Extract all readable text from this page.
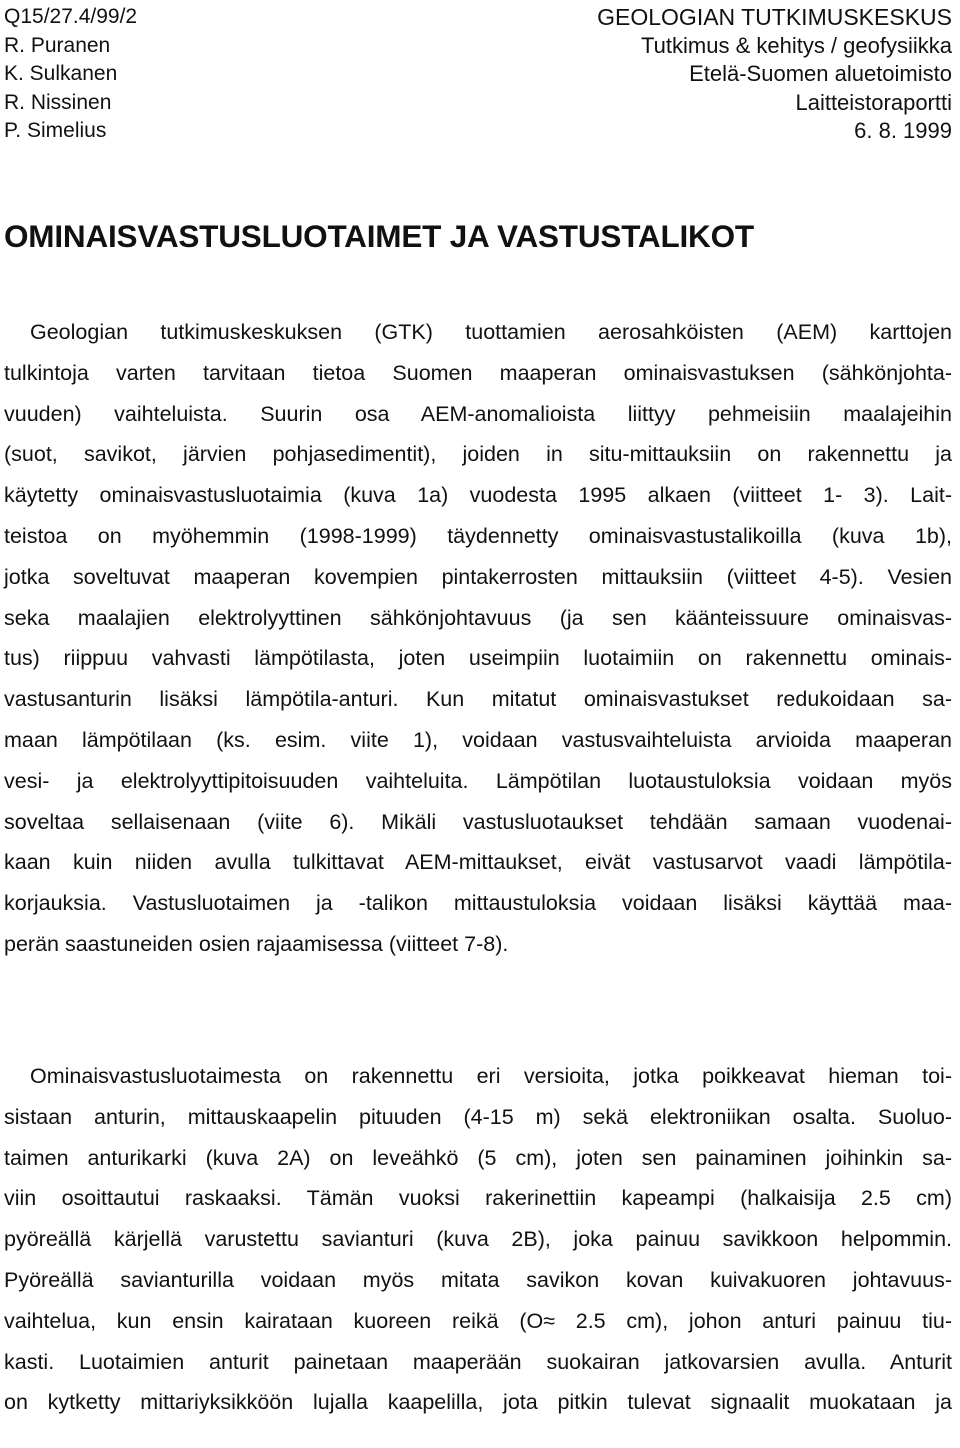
Q15/27.4/99/2
R. Puranen
K. Sulkanen
R. Nissinen
P. Simelius
GEOLOGIAN TUTKIMUSKESKUS
Tutkimus & kehitys / geofysiikka
Etelä-Suomen aluetoimisto
Laitteistoraportti
6. 8. 1999
OMINAISVASTUSLUOTAIMET JA VASTUSTALIKOT
Geologian tutkimuskeskuksen (GTK) tuottamien aerosahköisten (AEM) karttojen
tulkintoja varten tarvitaan tietoa Suomen maaperan ominaisvastuksen (sähkönjohta-
vuuden) vaihteluista. Suurin osa AEM-anomalioista liittyy pehmeisiin maalajeihin
(suot, savikot, järvien pohjasedimentit), joiden in situ-mittauksiin on rakennettu ja
käytetty ominaisvastusluotaimia (kuva 1a) vuodesta 1995 alkaen (viitteet 1- 3). Lait-
teistoa on myöhemmin (1998-1999) täydennetty ominaisvastustalikoilla (kuva 1b),
jotka soveltuvat maaperan kovempien pintakerrosten mittauksiin (viitteet 4-5). Vesien
seka maalajien elektrolyyttinen sähkönjohtavuus (ja sen käänteissuure ominaisvas-
tus) riippuu vahvasti lämpötilasta, joten useimpiin luotaimiin on rakennettu ominais-
vastusanturin lisäksi lämpötila-anturi. Kun mitatut ominaisvastukset redukoidaan sa-
maan lämpötilaan (ks. esim. viite 1), voidaan vastusvaihteluista arvioida maaperan
vesi- ja elektrolyyttipitoisuuden vaihteluita. Lämpötilan luotaustuloksia voidaan myös
soveltaa sellaisenaan (viite 6). Mikäli vastusluotaukset tehdään samaan vuodenai-
kaan kuin niiden avulla tulkittavat AEM-mittaukset, eivät vastusarvot vaadi lämpötila-
korjauksia. Vastusluotaimen ja -talikon mittaustuloksia voidaan lisäksi käyttää maa-
perän saastuneiden osien rajaamisessa (viitteet 7-8).
Ominaisvastusluotaimesta on rakennettu eri versioita, jotka poikkeavat hieman toi-
sistaan anturin, mittauskaapelin pituuden (4-15 m) sekä elektroniikan osalta. Suoluo-
taimen anturikarki (kuva 2A) on leveähkö (5 cm), joten sen painaminen joihinkin sa-
viin osoittautui raskaaksi. Tämän vuoksi rakerinettiin kapeampi (halkaisija 2.5 cm)
pyöreällä kärjellä varustettu savianturi (kuva 2B), joka painuu savikkoon helpommin.
Pyöreällä savianturilla voidaan myös mitata savikon kovan kuivakuoren johtavuus-
vaihtelua, kun ensin kairataan kuoreen reikä (O≈ 2.5 cm), johon anturi painuu tiu-
kasti. Luotaimien anturit painetaan maaperään suokairan jatkovarsien avulla. Anturit
on kytketty mittariyksikköön lujalla kaapelilla, jota pitkin tulevat signaalit muokataan ja
